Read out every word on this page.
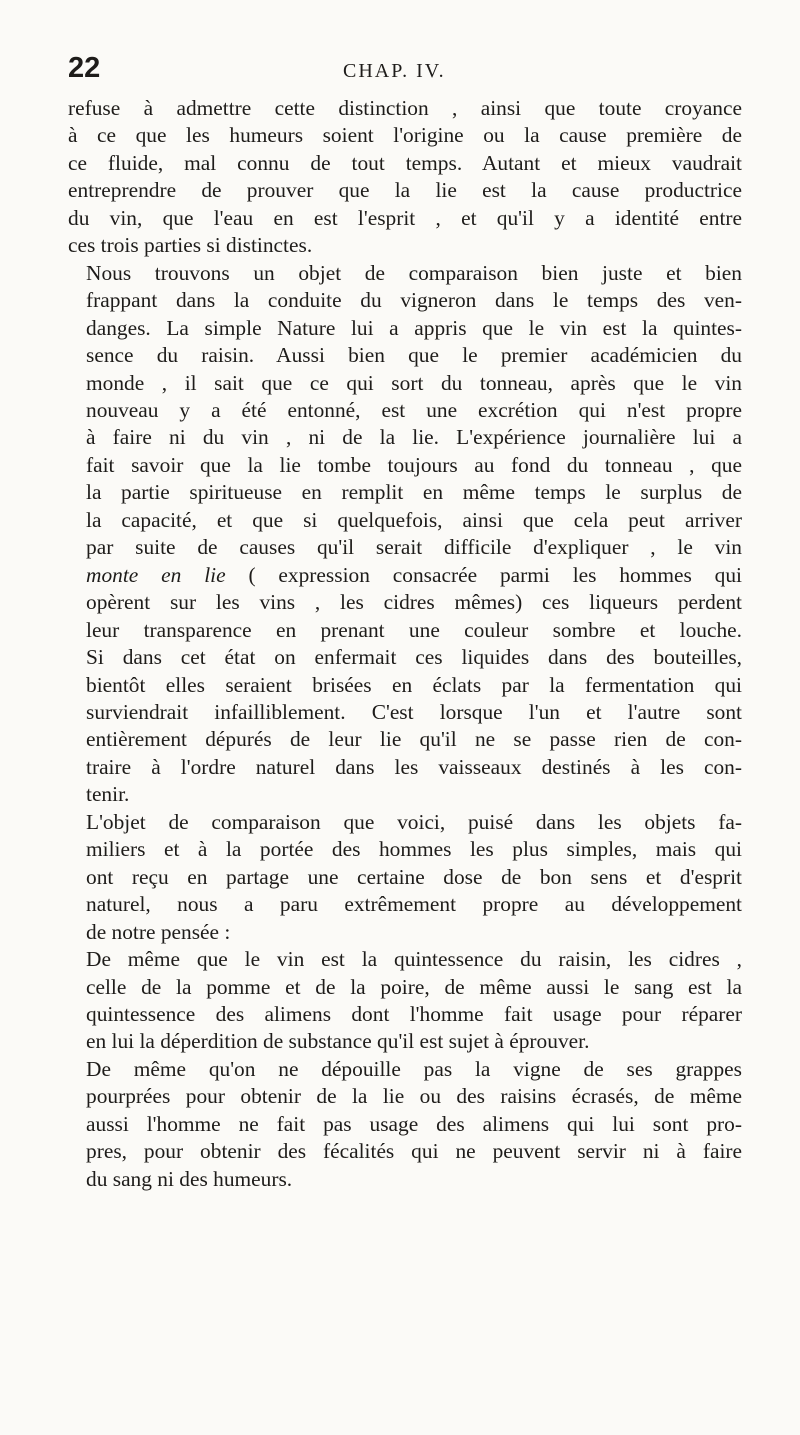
22	CHAP. IV.

refuse à admettre cette distinction , ainsi que toute croyance
à ce que les humeurs soient l'origine ou la cause première de
ce fluide, mal connu de tout temps. Autant et mieux vaudrait
entreprendre de prouver que la lie est la cause productrice
du vin, que l'eau en est l'esprit , et qu'il y a identité entre
ces trois parties si distinctes.

Nous trouvons un objet de comparaison bien juste et bien
frappant dans la conduite du vigneron dans le temps des ven-
danges. La simple Nature lui a appris que le vin est la quintes-
sence du raisin. Aussi bien que le premier académicien du
monde , il sait que ce qui sort du tonneau, après que le vin
nouveau y a été entonné, est une excrétion qui n'est propre
à faire ni du vin , ni de la lie. L'expérience journalière lui a
fait savoir que la lie tombe toujours au fond du tonneau , que
la partie spiritueuse en remplit en même temps le surplus de
la capacité, et que si quelquefois, ainsi que cela peut arriver
par suite de causes qu'il serait difficile d'expliquer , le vin
monte en lie ( expression consacrée parmi les hommes qui
opèrent sur les vins , les cidres mêmes) ces liqueurs perdent
leur transparence en prenant une couleur sombre et louche.
Si dans cet état on enfermait ces liquides dans des bouteilles,
bientôt elles seraient brisées en éclats par la fermentation qui
surviendrait infailliblement. C'est lorsque l'un et l'autre sont
entièrement dépurés de leur lie qu'il ne se passe rien de con-
traire à l'ordre naturel dans les vaisseaux destinés à les con-
tenir.

L'objet de comparaison que voici, puisé dans les objets fa-
miliers et à la portée des hommes les plus simples, mais qui
ont reçu en partage une certaine dose de bon sens et d'esprit
naturel, nous a paru extrêmement propre au développement
de notre pensée :

De même que le vin est la quintessence du raisin, les cidres ,
celle de la pomme et de la poire, de même aussi le sang est la
quintessence des alimens dont l'homme fait usage pour réparer
en lui la déperdition de substance qu'il est sujet à éprouver.

De même qu'on ne dépouille pas la vigne de ses grappes
pourprées pour obtenir de la lie ou des raisins écrasés, de même
aussi l'homme ne fait pas usage des alimens qui lui sont pro-
pres, pour obtenir des fécalités qui ne peuvent servir ni à faire
du sang ni des humeurs.
